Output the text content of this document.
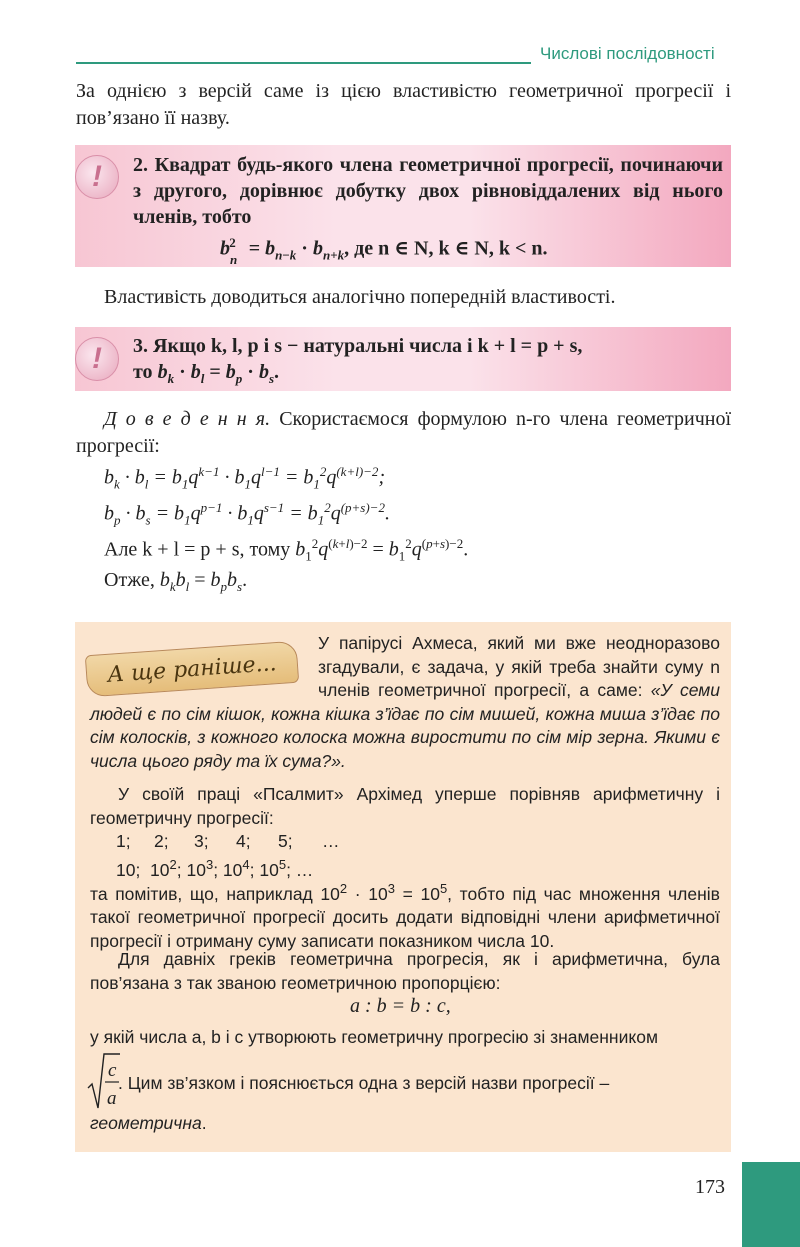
Числові послідовності
За однією з версій саме із цією властивістю геометричної прогресії і пов’язано її назву.
!	2. Квадрат будь-якого члена геометричної прогресії, починаючи з другого, дорівнює добутку двох рівновіддалених від нього членів, тобто
$b_n^2 = b_{n-k} \cdot b_{n+k}$, де n ∈ N, k ∈ N, k < n.
Властивість доводиться аналогічно попередній властивості.
!	3. Якщо k, l, p і s − натуральні числа і k + l = p + s,
то $b_k \cdot b_l = b_p \cdot b_s$.
Д о в е д е н н я. Скористаємося формулою n-го члена геометричної прогресії:
$b_k \cdot b_l = b_1q^{k-1} \cdot b_1q^{l-1} = b_1^2q^{(k+l)-2}$;
$b_p \cdot b_s = b_1q^{p-1} \cdot b_1q^{s-1} = b_1^2q^{(p+s)-2}$.
Але k + l = p + s, тому $b_1^2q^{(k+l)-2} = b_1^2q^{(p+s)-2}$.
Отже, $b_kb_l = b_pb_s$.
А ще раніше...
У папірусі Ахмеса, який ми вже неодноразово згадували, є задача, у якій треба знайти суму n членів геометричної прогресії, а саме: «У семи людей є по сім кішок, кожна кішка з’їдає по сім мишей, кожна миша з’їдає по сім колосків, з кожного колоска можна виростити по сім мір зерна. Якими є числа цього ряду та їх сума?».
У своїй праці «Псалмит» Архімед уперше порівняв арифметичну і геометричну прогресії:
1; 2; 3; 4; 5; …
10;  $10^2$; $10^3$; $10^4$; $10^5$; …
та помітив, що, наприклад $10^2 \cdot 10^3 = 10^5$, тобто під час множення членів такої геометричної прогресії досить додати відповідні члени арифметичної прогресії і отриману суму записати показником числа 10.
Для давніх греків геометрична прогресія, як і арифметична, була пов’язана з так званою геометричною пропорцією:
a : b = b : c,
у якій числа a, b і c утворюють геометричну прогресію зі знаменником
c
a
. Цим зв’язком і пояснюється одна з версій назви прогресії –
геометрична.
173
